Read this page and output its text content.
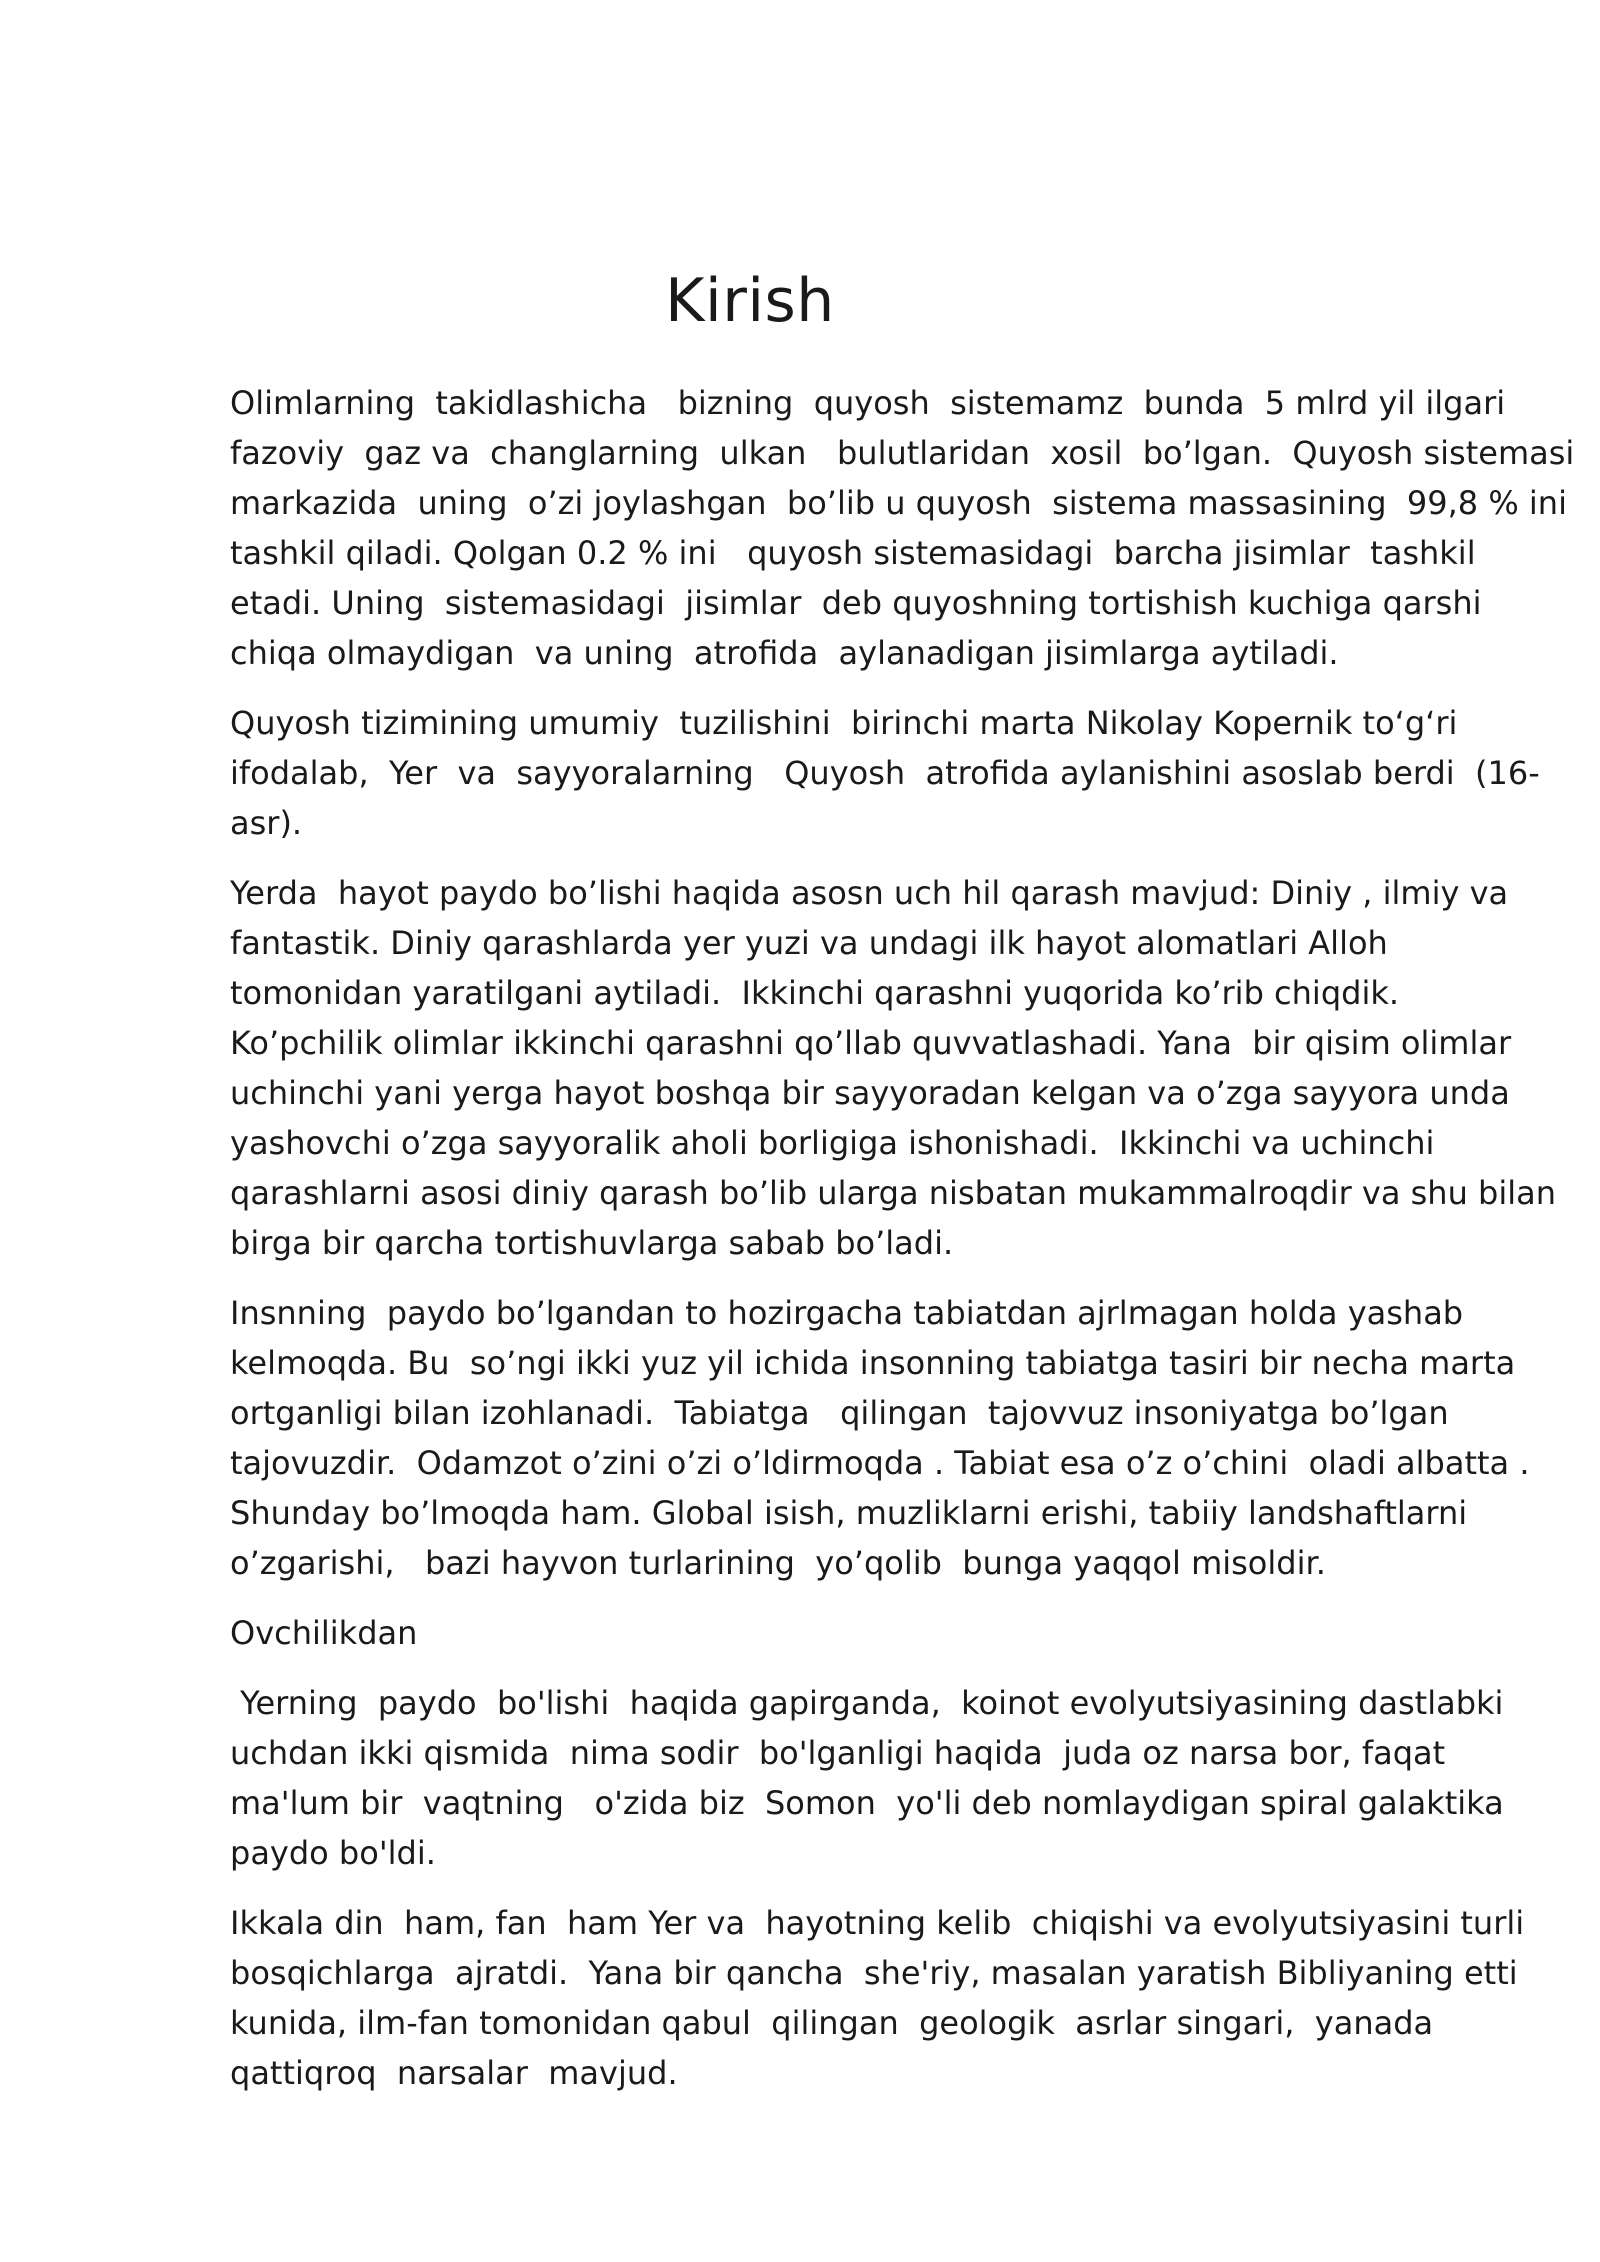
Kirish

Olimlarning  takidlashicha   bizning  quyosh  sistemamz  bunda  5 mlrd yil ilgari
fazoviy  gaz va  changlarning  ulkan   bulutlaridan  xosil  bo’lgan.  Quyosh sistemasi
markazida  uning  o’zi joylashgan  bo’lib u quyosh  sistema massasining  99,8 % ini
tashkil qiladi. Qolgan 0.2 % ini   quyosh sistemasidagi  barcha jisimlar  tashkil
etadi. Uning  sistemasidagi  jisimlar  deb quyoshning tortishish kuchiga qarshi
chiqa olmaydigan  va uning  atrofida  aylanadigan jisimlarga aytiladi.

Quyosh tizimining umumiy  tuzilishini  birinchi marta Nikolay Kopernik to‘g‘ri
ifodalab,  Yer  va  sayyoralarning   Quyosh  atrofida aylanishini asoslab berdi  (16-
asr).

Yerda  hayot paydo bo’lishi haqida asosn uch hil qarash mavjud: Diniy , ilmiy va
fantastik. Diniy qarashlarda yer yuzi va undagi ilk hayot alomatlari Alloh
tomonidan yaratilgani aytiladi.  Ikkinchi qarashni yuqorida ko’rib chiqdik.
Ko’pchilik olimlar ikkinchi qarashni qo’llab quvvatlashadi. Yana  bir qisim olimlar
uchinchi yani yerga hayot boshqa bir sayyoradan kelgan va o’zga sayyora unda
yashovchi o’zga sayyoralik aholi borligiga ishonishadi.  Ikkinchi va uchinchi
qarashlarni asosi diniy qarash bo’lib ularga nisbatan mukammalroqdir va shu bilan
birga bir qarcha tortishuvlarga sabab bo’ladi.

Insnning  paydo bo’lgandan to hozirgacha tabiatdan ajrlmagan holda yashab
kelmoqda. Bu  so’ngi ikki yuz yil ichida insonning tabiatga tasiri bir necha marta
ortganligi bilan izohlanadi.  Tabiatga   qilingan  tajovvuz insoniyatga bo’lgan
tajovuzdir.  Odamzot o’zini o’zi o’ldirmoqda . Tabiat esa o’z o’chini  oladi albatta .
Shunday bo’lmoqda ham. Global isish, muzliklarni erishi, tabiiy landshaftlarni
o’zgarishi,   bazi hayvon turlarining  yo’qolib  bunga yaqqol misoldir.

Ovchilikdan

Yerning  paydo  bo'lishi  haqida gapirganda,  koinot evolyutsiyasining dastlabki
uchdan ikki qismida  nima sodir  bo'lganligi haqida  juda oz narsa bor, faqat
ma'lum bir  vaqtning   o'zida biz  Somon  yo'li deb nomlaydigan spiral galaktika
paydo bo'ldi.

Ikkala din  ham, fan  ham Yer va  hayotning kelib  chiqishi va evolyutsiyasini turli
bosqichlarga  ajratdi.  Yana bir qancha  she'riy, masalan yaratish Bibliyaning etti
kunida, ilm-fan tomonidan qabul  qilingan  geologik  asrlar singari,  yanada
qattiqroq  narsalar  mavjud.
